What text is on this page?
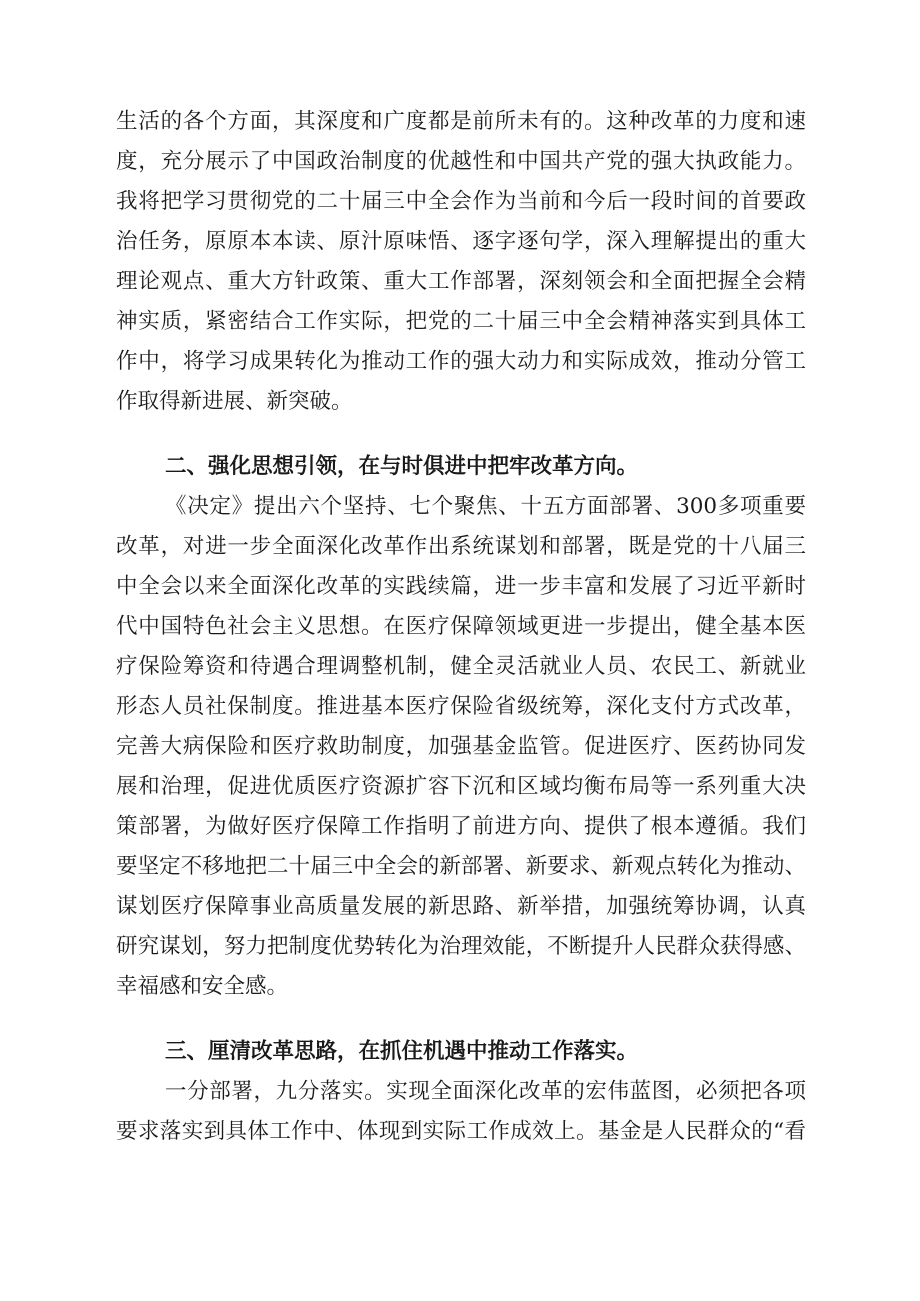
生活的各个方面，其深度和广度都是前所未有的。这种改革的力度和速
度，充分展示了中国政治制度的优越性和中国共产党的强大执政能力。
我将把学习贯彻党的二十届三中全会作为当前和今后一段时间的首要政
治任务，原原本本读、原汁原味悟、逐字逐句学，深入理解提出的重大
理论观点、重大方针政策、重大工作部署，深刻领会和全面把握全会精
神实质，紧密结合工作实际，把党的二十届三中全会精神落实到具体工
作中，将学习成果转化为推动工作的强大动力和实际成效，推动分管工
作取得新进展、新突破。
二、强化思想引领，在与时俱进中把牢改革方向。
《决定》提出六个坚持、七个聚焦、十五方面部署、300多项重要
改革，对进一步全面深化改革作出系统谋划和部署，既是党的十八届三
中全会以来全面深化改革的实践续篇，进一步丰富和发展了习近平新时
代中国特色社会主义思想。在医疗保障领域更进一步提出，健全基本医
疗保险筹资和待遇合理调整机制，健全灵活就业人员、农民工、新就业
形态人员社保制度。推进基本医疗保险省级统筹，深化支付方式改革，
完善大病保险和医疗救助制度，加强基金监管。促进医疗、医药协同发
展和治理，促进优质医疗资源扩容下沉和区域均衡布局等一系列重大决
策部署，为做好医疗保障工作指明了前进方向、提供了根本遵循。我们
要坚定不移地把二十届三中全会的新部署、新要求、新观点转化为推动、
谋划医疗保障事业高质量发展的新思路、新举措，加强统筹协调，认真
研究谋划，努力把制度优势转化为治理效能，不断提升人民群众获得感、
幸福感和安全感。
三、厘清改革思路，在抓住机遇中推动工作落实。
一分部署，九分落实。实现全面深化改革的宏伟蓝图，必须把各项
要求落实到具体工作中、体现到实际工作成效上。基金是人民群众的“看
